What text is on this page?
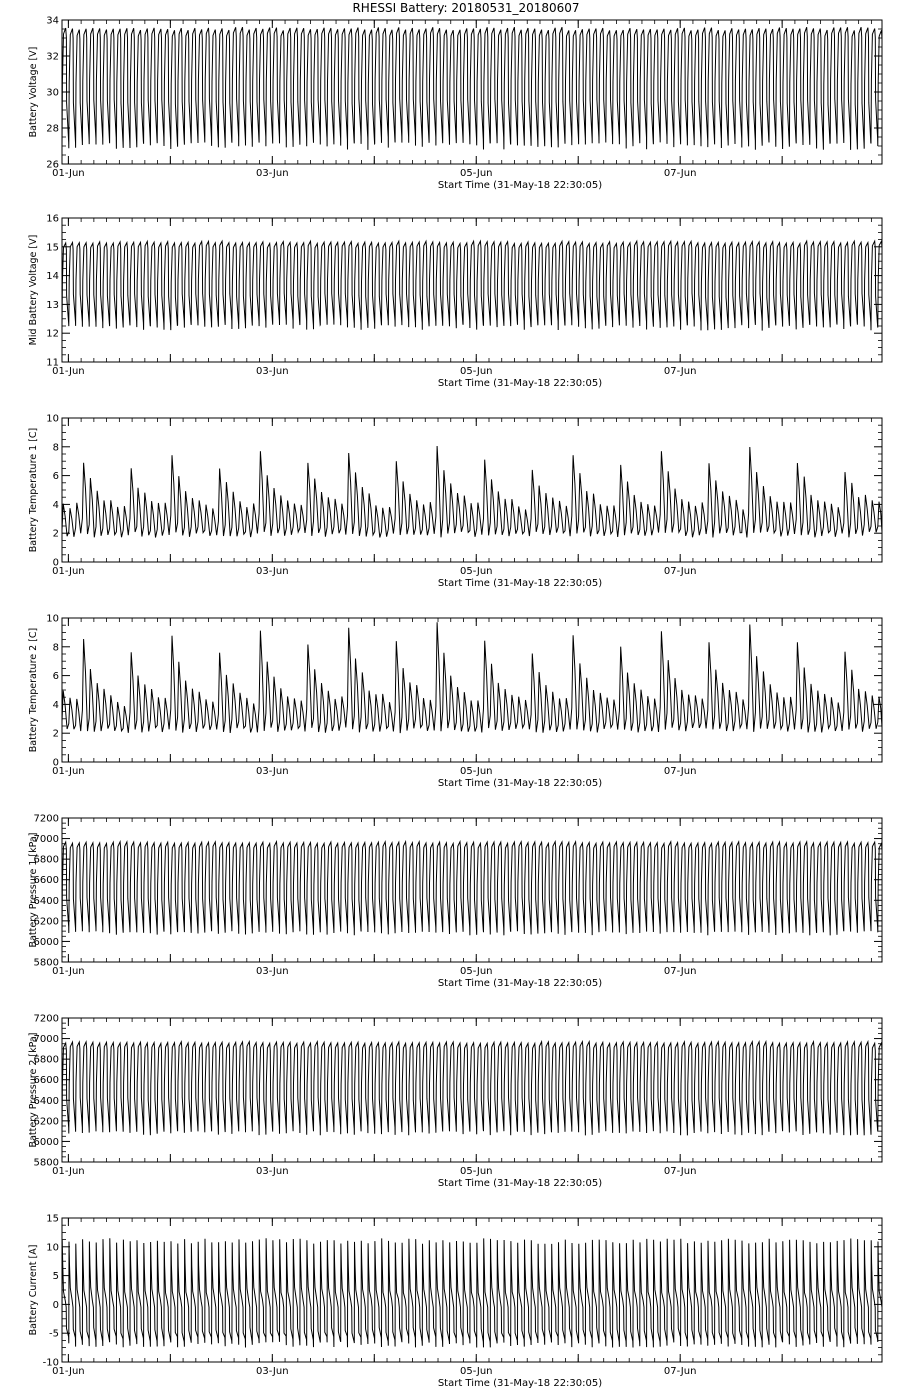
RHESSI Battery: 20180531_20180607
26
28
30
32
34
01-Jun	03-Jun	05-Jun	07-Jun
Start Time (31-May-18 22:30:05)
Battery Voltage [V]
11
12
13
14
15
16
01-Jun	03-Jun	05-Jun	07-Jun
Start Time (31-May-18 22:30:05)
Mid Battery Voltage [V]
0
2
4
6
8
10
01-Jun	03-Jun	05-Jun	07-Jun
Start Time (31-May-18 22:30:05)
Battery Temperature 1 [C]
0
2
4
6
8
10
01-Jun	03-Jun	05-Jun	07-Jun
Start Time (31-May-18 22:30:05)
Battery Temperature 2 [C]
5800
6000
6200
6400
6600
6800
7000
7200
01-Jun	03-Jun	05-Jun	07-Jun
Start Time (31-May-18 22:30:05)
Battery Pressure 1 [kPa]
5800
6000
6200
6400
6600
6800
7000
7200
01-Jun	03-Jun	05-Jun	07-Jun
Start Time (31-May-18 22:30:05)
Battery Pressure 2 [kPa]
-10
-5
0
5
10
15
01-Jun	03-Jun	05-Jun	07-Jun
Start Time (31-May-18 22:30:05)
Battery Current [A]
